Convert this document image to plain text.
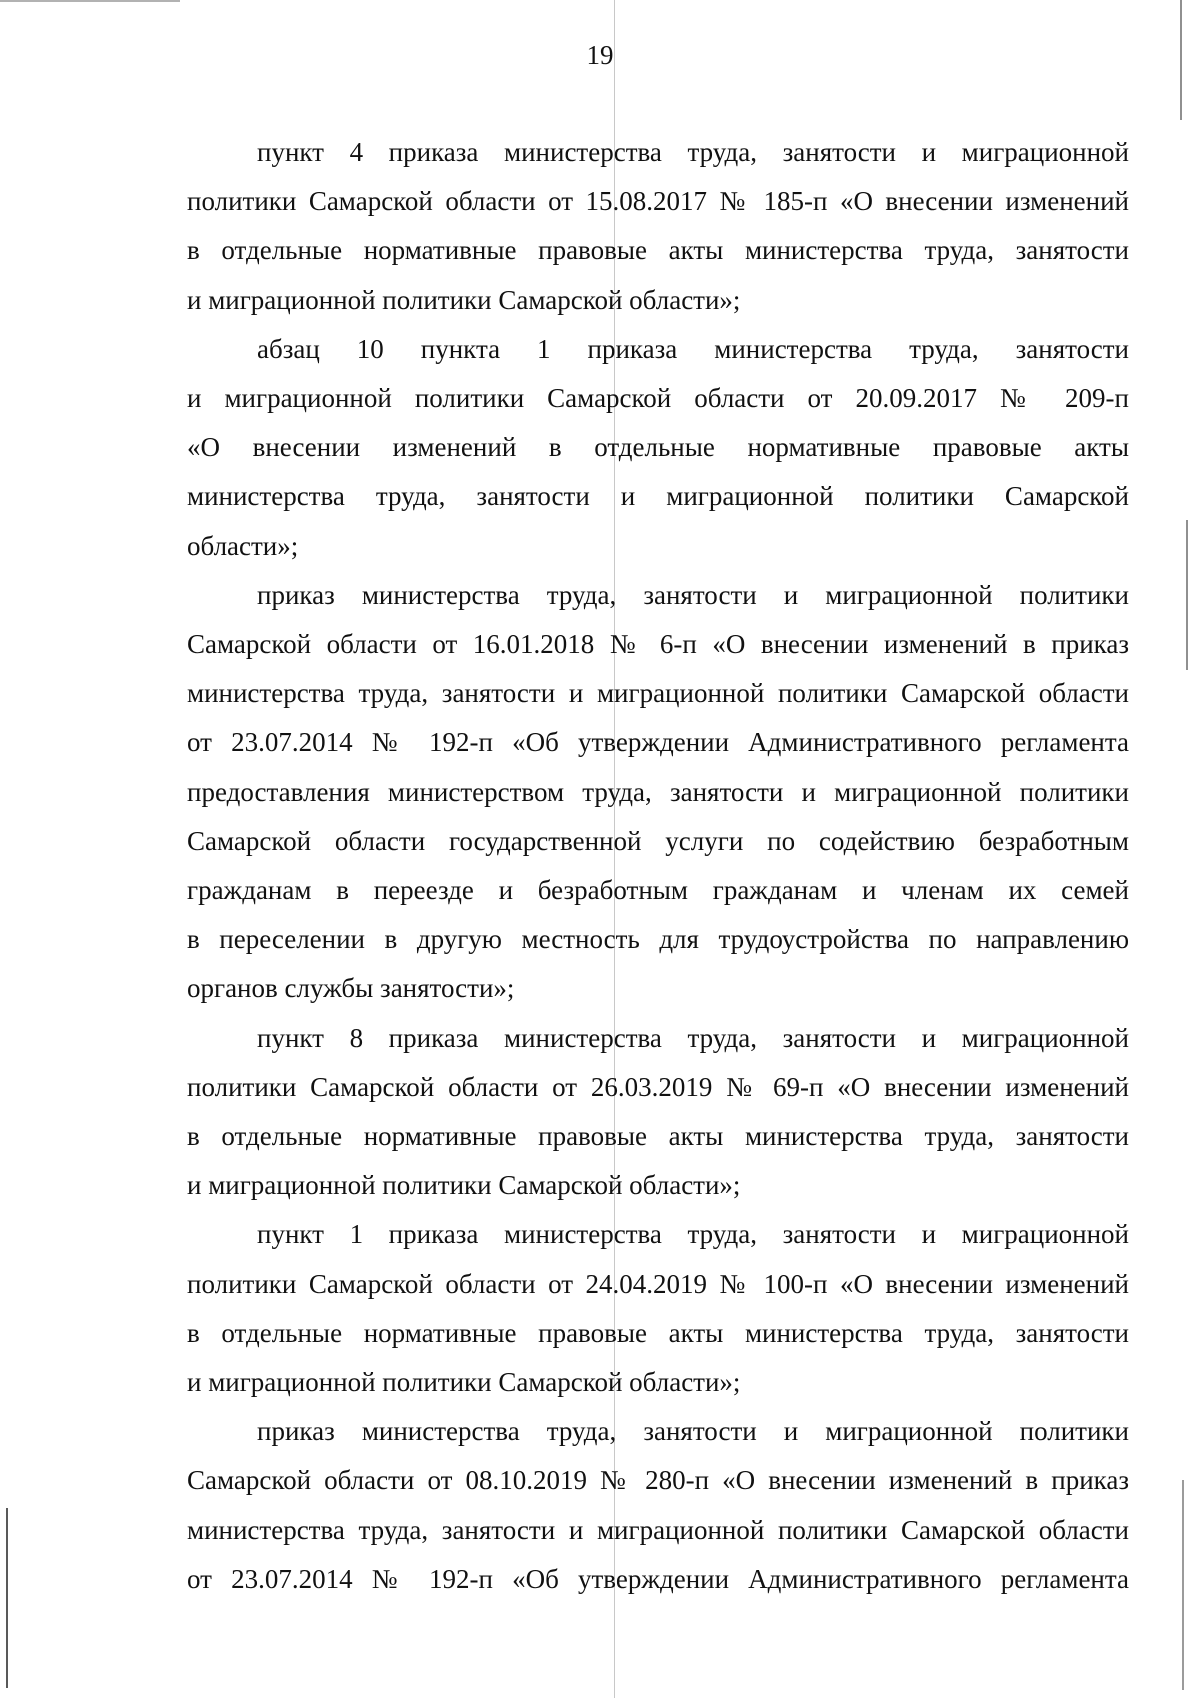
19

пункт 4 приказа министерства труда, занятости и миграционной
политики Самарской области от 15.08.2017 № 185-п «О внесении изменений
в отдельные нормативные правовые акты министерства труда, занятости
и миграционной политики Самарской области»;

абзац 10 пункта 1 приказа министерства труда, занятости
и миграционной политики Самарской области от 20.09.2017 № 209-п
«О внесении изменений в отдельные нормативные правовые акты
министерства труда, занятости и миграционной политики Самарской
области»;

приказ министерства труда, занятости и миграционной политики
Самарской области от 16.01.2018 № 6-п «О внесении изменений в приказ
министерства труда, занятости и миграционной политики Самарской области
от 23.07.2014 № 192-п «Об утверждении Административного регламента
предоставления министерством труда, занятости и миграционной политики
Самарской области государственной услуги по содействию безработным
гражданам в переезде и безработным гражданам и членам их семей
в переселении в другую местность для трудоустройства по направлению
органов службы занятости»;

пункт 8 приказа министерства труда, занятости и миграционной
политики Самарской области от 26.03.2019 № 69-п «О внесении изменений
в отдельные нормативные правовые акты министерства труда, занятости
и миграционной политики Самарской области»;

пункт 1 приказа министерства труда, занятости и миграционной
политики Самарской области от 24.04.2019 № 100-п «О внесении изменений
в отдельные нормативные правовые акты министерства труда, занятости
и миграционной политики Самарской области»;

приказ министерства труда, занятости и миграционной политики
Самарской области от 08.10.2019 № 280-п «О внесении изменений в приказ
министерства труда, занятости и миграционной политики Самарской области
от 23.07.2014 № 192-п «Об утверждении Административного регламента
